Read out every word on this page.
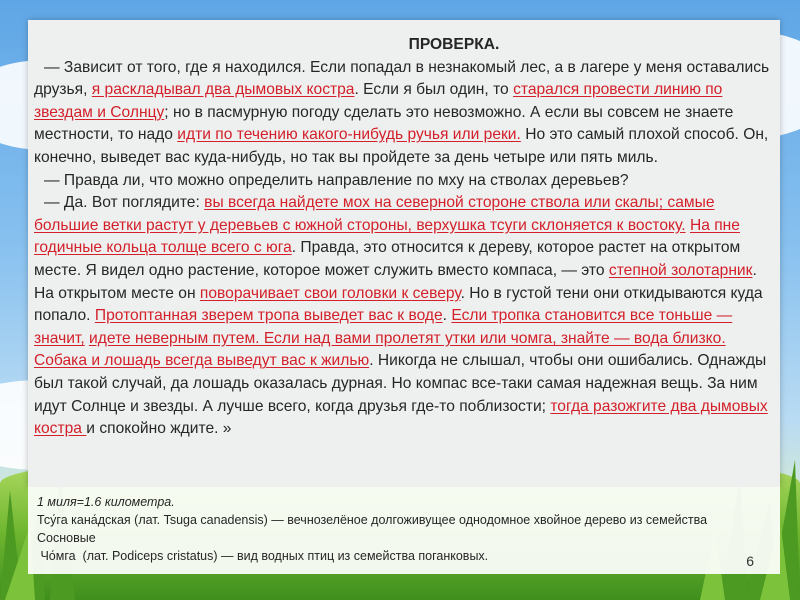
ПРОВЕРКА.
— Зависит от того, где я находился. Если попадал в незнакомый лес, а в лагере у меня оставались друзья, я раскладывал два дымовых костра. Если я был один, то старался провести линию по звездам и Солнцу; но в пасмурную погоду сделать это невозможно. А если вы совсем не знаете местности, то надо идти по течению какого-нибудь ручья или реки. Но это самый плохой способ. Он, конечно, выведет вас куда-нибудь, но так вы пройдете за день четыре или пять миль.
— Правда ли, что можно определить направление по мху на стволах деревьев?
— Да. Вот поглядите: вы всегда найдете мох на северной стороне ствола или скалы; самые большие ветки растут у деревьев с южной стороны, верхушка тсуги склоняется к востоку. На пне годичные кольца толще всего с юга. Правда, это относится к дереву, которое растет на открытом месте. Я видел одно растение, которое может служить вместо компаса, — это степной золотарник. На открытом месте он поворачивает свои головки к северу. Но в густой тени они откидываются куда попало. Протоптанная зверем тропа выведет вас к воде. Если тропка становится все тоньше — значит, идете неверным путем. Если над вами пролетят утки или чомга, знайте — вода близко. Собака и лошадь всегда выведут вас к жилью. Никогда не слышал, чтобы они ошибались. Однажды был такой случай, да лошадь оказалась дурная. Но компас все-таки самая надежная вещь. За ним идут Солнце и звезды. А лучше всего, когда друзья где-то поблизости; тогда разожгите два дымовых костра и спокойно ждите. »
1 миля=1.6 километра.
Тсу́га кана́дская (лат. Tsuga canadensis) — вечнозелёное долгоживущее однодомное хвойное дерево из семейства Сосновые
Чо́мга  (лат. Podiceps cristatus) — вид водных птиц из семейства поганковых.	6
